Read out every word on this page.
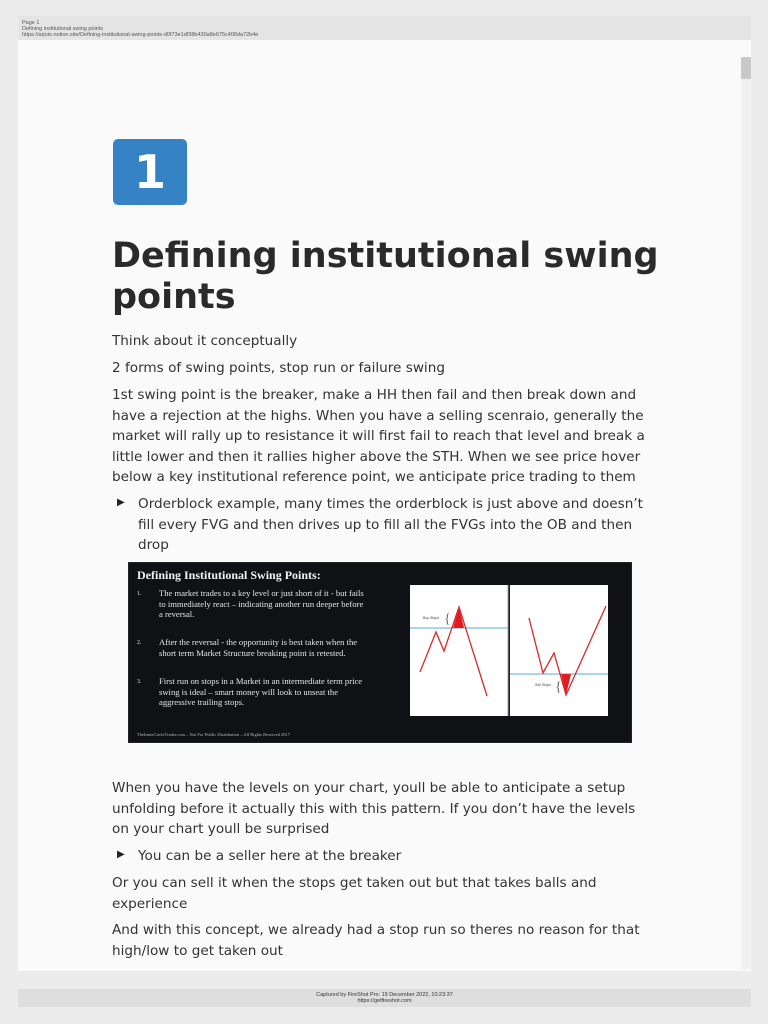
Page 1
Defining institutional swing points
https://arjoio.notion.site/Defining-institutional-swing-points-d0f73e1df38b430a8e675c408da72b4e
1
Defining institutional swing points

Think about it conceptually

2 forms of swing points, stop run or failure swing

1st swing point is the breaker, make a HH then fail and then break down and have a rejection at the highs. When you have a selling scenraio, generally the market will rally up to resistance it will first fail to reach that level and break a little lower and then it rallies higher above the STH. When we see price hover below a key institutional reference point, we anticipate price trading to them

▶ Orderblock example, many times the orderblock is just above and doesn’t fill every FVG and then drives up to fill all the FVGs into the OB and then drop
Defining Institutional Swing Points:
1. The market trades to a key level or just short of it - but fails to immediately react – indicating another run deeper before a reversal.
2. After the reversal - the opportunity is best taken when the short term Market Structure breaking point is retested.
3. First run on stops in a Market in an intermediate term price swing is ideal – smart money will look to unseat the aggressive trailing stops.
Buy Stops {
Sell Stops {
TheInnerCircleTrader.com – Not For Public Distribution – All Rights Reserved 2017

When you have the levels on your chart, youll be able to anticipate a setup unfolding before it actually this with this pattern. If you don’t have the levels on your chart youll be surprised

▶ You can be a seller here at the breaker

Or you can sell it when the stops get taken out but that takes balls and experience

And with this concept, we already had a stop run so theres no reason for that high/low to get taken out

Captured by FireShot Pro: 19 December 2022, 10:23:37
https://getfireshot.com
